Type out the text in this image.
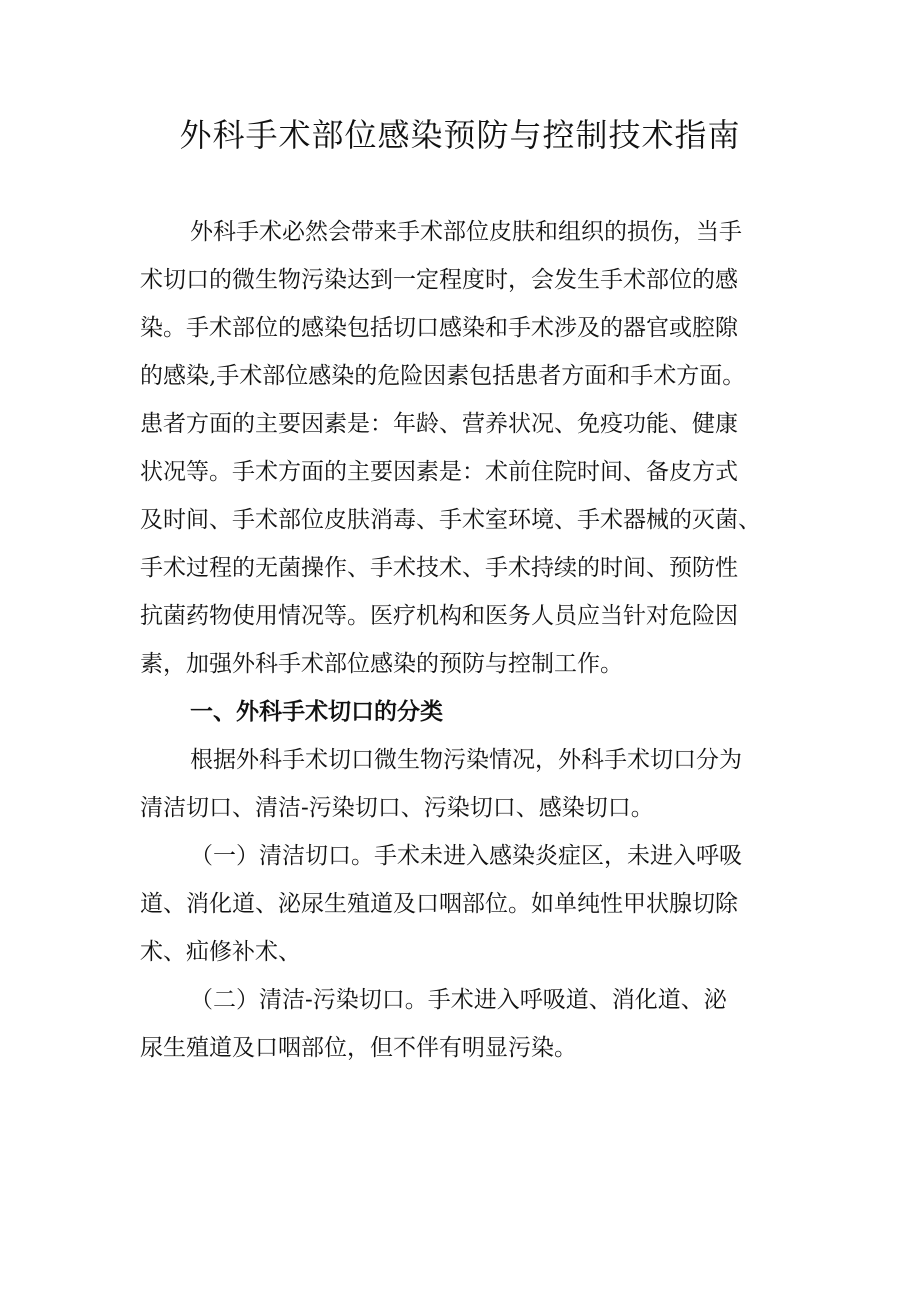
外科手术部位感染预防与控制技术指南
外科手术必然会带来手术部位皮肤和组织的损伤，当手
术切口的微生物污染达到一定程度时，会发生手术部位的感
染。手术部位的感染包括切口感染和手术涉及的器官或腔隙
的感染,手术部位感染的危险因素包括患者方面和手术方面。
患者方面的主要因素是：年龄、营养状况、免疫功能、健康
状况等。手术方面的主要因素是：术前住院时间、备皮方式
及时间、手术部位皮肤消毒、手术室环境、手术器械的灭菌、
手术过程的无菌操作、手术技术、手术持续的时间、预防性
抗菌药物使用情况等。医疗机构和医务人员应当针对危险因
素，加强外科手术部位感染的预防与控制工作。
一、外科手术切口的分类
根据外科手术切口微生物污染情况，外科手术切口分为
清洁切口、清洁-污染切口、污染切口、感染切口。
（一）清洁切口。手术未进入感染炎症区，未进入呼吸
道、消化道、泌尿生殖道及口咽部位。如单纯性甲状腺切除
术、疝修补术、
（二）清洁-污染切口。手术进入呼吸道、消化道、泌
尿生殖道及口咽部位，但不伴有明显污染。
